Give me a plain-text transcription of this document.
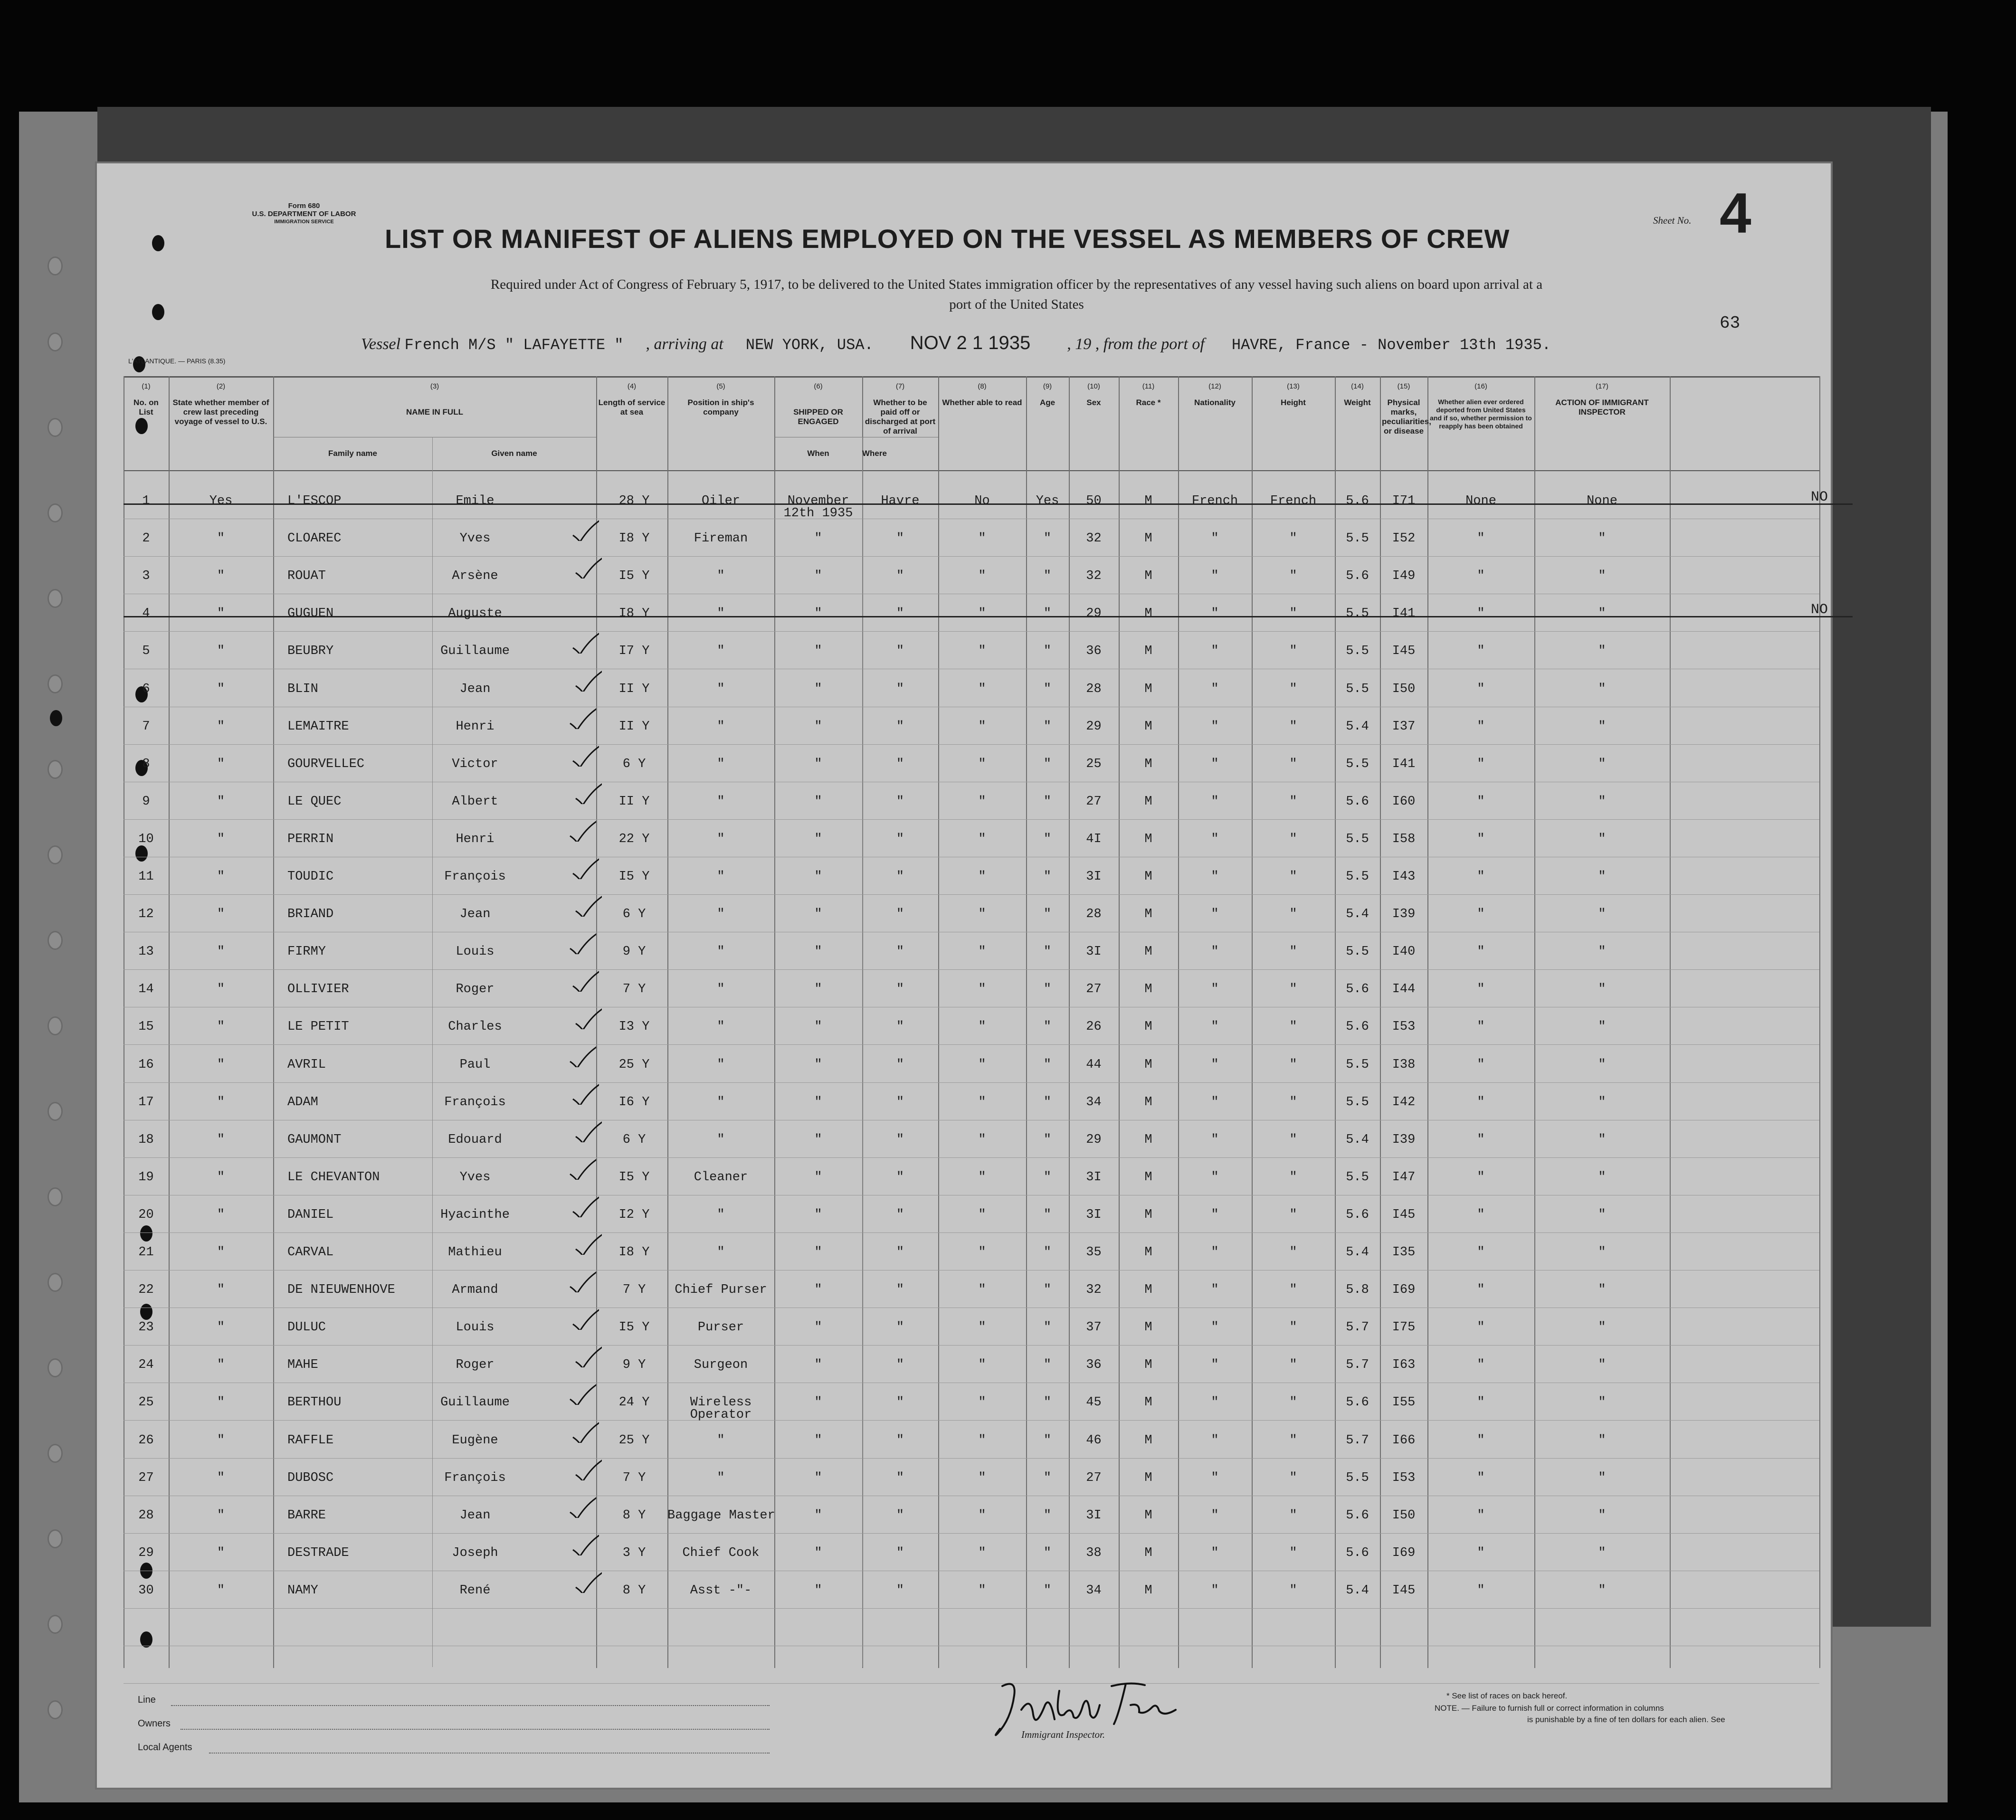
Form 680
U.S. DEPARTMENT OF LABOR
IMMIGRATION SERVICE
LIST OR MANIFEST OF ALIENS EMPLOYED ON THE VESSEL AS MEMBERS OF CREW
Sheet No. 4
Required under Act of Congress of February 5, 1917, to be delivered to the United States immigration officer by the representatives of any vessel having such aliens on board upon arrival at a
port of the United States
63
L'ATLANTIQUE. — PARIS (8.35)
Vessel French M/S " LAFAYETTE " , arriving at NEW YORK, USA. NOV 2 1 1935 , 19 , from the port of HAVRE, France - November 13th 1935.
(1)
No. on List
(2)
State whether member of crew last preceding voyage of vessel to U.S.
(3)
NAME IN FULL
Family name	Given name
(4)
Length of service at sea
(5)
Position in ship's company
(6)
SHIPPED OR ENGAGED
When
(7)
Whether to be paid off or discharged at port of arrival
(8)
Whether able to read
(9)
Age
(10)
Sex
(11)
Race *
(12)
Nationality
(13)
Height
(14)
Weight
(15)
Physical marks, peculiarities, or disease
(16)
Whether alien ever ordered deported from United States and if so, whether permission to reapply has been obtained
(17)
ACTION OF IMMIGRANT INSPECTOR
1	Yes	L'ESCOP	Emile	28 Y	Oiler	November	Havre	No	Yes	50	M	French	French	5.6	I71	None	None
12th 1935
NO
2	"	CLOAREC	Yves	I8 Y	Fireman	"	"	"	"	32	M	"	"	5.5	I52	"	"
3	"	ROUAT	Arsène	I5 Y	"	"	"	"	"	32	M	"	"	5.6	I49	"	"
4	"	GUGUEN	Auguste	I8 Y	"	"	"	"	"	29	M	"	"	5.5	I41	"	"	NO
5	"	BEUBRY	Guillaume	I7 Y	"	"	"	"	"	36	M	"	"	5.5	I45	"	"
6	"	BLIN	Jean	II Y	"	"	"	"	"	28	M	"	"	5.5	I50	"	"
7	"	LEMAITRE	Henri	II Y	"	"	"	"	"	29	M	"	"	5.4	I37	"	"
8	"	GOURVELLEC	Victor	6 Y	"	"	"	"	"	25	M	"	"	5.5	I41	"	"
9	"	LE QUEC	Albert	II Y	"	"	"	"	"	27	M	"	"	5.6	I60	"	"
10	"	PERRIN	Henri	22 Y	"	"	"	"	"	4I	M	"	"	5.5	I58	"	"
11	"	TOUDIC	François	I5 Y	"	"	"	"	"	3I	M	"	"	5.5	I43	"	"
12	"	BRIAND	Jean	6 Y	"	"	"	"	"	28	M	"	"	5.4	I39	"	"
13	"	FIRMY	Louis	9 Y	"	"	"	"	"	3I	M	"	"	5.5	I40	"	"
14	"	OLLIVIER	Roger	7 Y	"	"	"	"	"	27	M	"	"	5.6	I44	"	"
15	"	LE PETIT	Charles	I3 Y	"	"	"	"	"	26	M	"	"	5.6	I53	"	"
16	"	AVRIL	Paul	25 Y	"	"	"	"	"	44	M	"	"	5.5	I38	"	"
17	"	ADAM	François	I6 Y	"	"	"	"	"	34	M	"	"	5.5	I42	"	"
18	"	GAUMONT	Edouard	6 Y	"	"	"	"	"	29	M	"	"	5.4	I39	"	"
19	"	LE CHEVANTON	Yves	I5 Y	Cleaner	"	"	"	"	3I	M	"	"	5.5	I47	"	"
20	"	DANIEL	Hyacinthe	I2 Y	"	"	"	"	"	3I	M	"	"	5.6	I45	"	"
21	"	CARVAL	Mathieu	I8 Y	"	"	"	"	"	35	M	"	"	5.4	I35	"	"
22	"	DE NIEUWENHOVE	Armand	7 Y	Chief Purser	"	"	"	"	32	M	"	"	5.8	I69	"	"
23	"	DULUC	Louis	I5 Y	Purser	"	"	"	"	37	M	"	"	5.7	I75	"	"
24	"	MAHE	Roger	9 Y	Surgeon	"	"	"	"	36	M	"	"	5.7	I63	"	"
25	"	BERTHOU	Guillaume	24 Y	Wireless	"	"	"	"	45	M	"	"	5.6	I55	"	"
Operator
26	"	RAFFLE	Eugène	25 Y	"	"	"	"	"	46	M	"	"	5.7	I66	"	"
27	"	DUBOSC	François	7 Y	"	"	"	"	"	27	M	"	"	5.5	I53	"	"
28	"	BARRE	Jean	8 Y	Baggage Master	"	"	"	"	3I	M	"	"	5.6	I50	"	"
29	"	DESTRADE	Joseph	3 Y	Chief Cook	"	"	"	"	38	M	"	"	5.6	I69	"	"
30	"	NAMY	René	8 Y	Asst -"-	"	"	"	"	34	M	"	"	5.4	I45	"	"
Line
Owners
Local Agents
Immigrant Inspector.
* See list of races on back hereof.
NOTE. — Failure to furnish full or correct information in columns
is punishable by a fine of ten dollars for each alien. See
